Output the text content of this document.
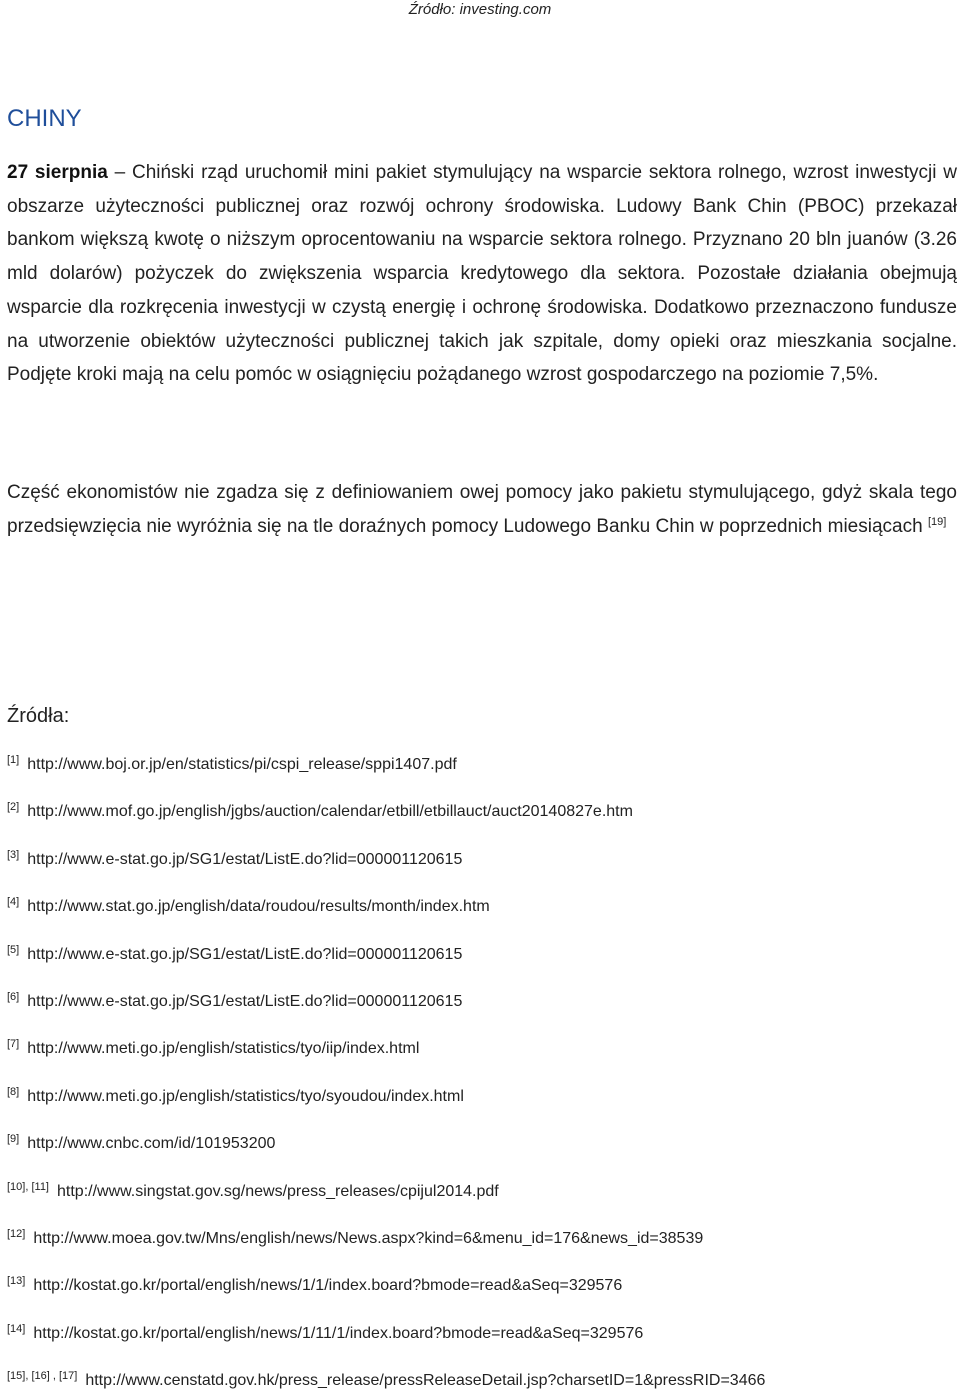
Źródło: investing.com
CHINY
27 sierpnia – Chiński rząd uruchomił mini pakiet stymulujący na wsparcie sektora rolnego, wzrost inwestycji w obszarze użyteczności publicznej oraz rozwój ochrony środowiska. Ludowy Bank Chin (PBOC) przekazał bankom większą kwotę o niższym oprocentowaniu na wsparcie sektora rolnego. Przyznano 20 bln juanów (3.26 mld dolarów) pożyczek do zwiększenia wsparcia kredytowego dla sektora. Pozostałe działania obejmują wsparcie dla rozkręcenia inwestycji w czystą energię i ochronę środowiska. Dodatkowo przeznaczono fundusze na utworzenie obiektów użyteczności publicznej takich jak szpitale, domy opieki oraz mieszkania socjalne. Podjęte kroki mają na celu pomóc w osiągnięciu pożądanego wzrost gospodarczego na poziomie 7,5%.
Część ekonomistów nie zgadza się z definiowaniem owej pomocy jako pakietu stymulującego, gdyż skala tego przedsięwzięcia nie wyróżnia się na tle doraźnych pomocy Ludowego Banku Chin w poprzednich miesiącach [19]
Źródła:
[1] http://www.boj.or.jp/en/statistics/pi/cspi_release/sppi1407.pdf
[2] http://www.mof.go.jp/english/jgbs/auction/calendar/etbill/etbillauct/auct20140827e.htm
[3] http://www.e-stat.go.jp/SG1/estat/ListE.do?lid=000001120615
[4] http://www.stat.go.jp/english/data/roudou/results/month/index.htm
[5] http://www.e-stat.go.jp/SG1/estat/ListE.do?lid=000001120615
[6] http://www.e-stat.go.jp/SG1/estat/ListE.do?lid=000001120615
[7] http://www.meti.go.jp/english/statistics/tyo/iip/index.html
[8] http://www.meti.go.jp/english/statistics/tyo/syoudou/index.html
[9] http://www.cnbc.com/id/101953200
[10], [11] http://www.singstat.gov.sg/news/press_releases/cpijul2014.pdf
[12] http://www.moea.gov.tw/Mns/english/news/News.aspx?kind=6&menu_id=176&news_id=38539
[13] http://kostat.go.kr/portal/english/news/1/1/index.board?bmode=read&aSeq=329576
[14] http://kostat.go.kr/portal/english/news/1/11/1/index.board?bmode=read&aSeq=329576
[15], [16] , [17] http://www.censtatd.gov.hk/press_release/pressReleaseDetail.jsp?charsetID=1&pressRID=3466
